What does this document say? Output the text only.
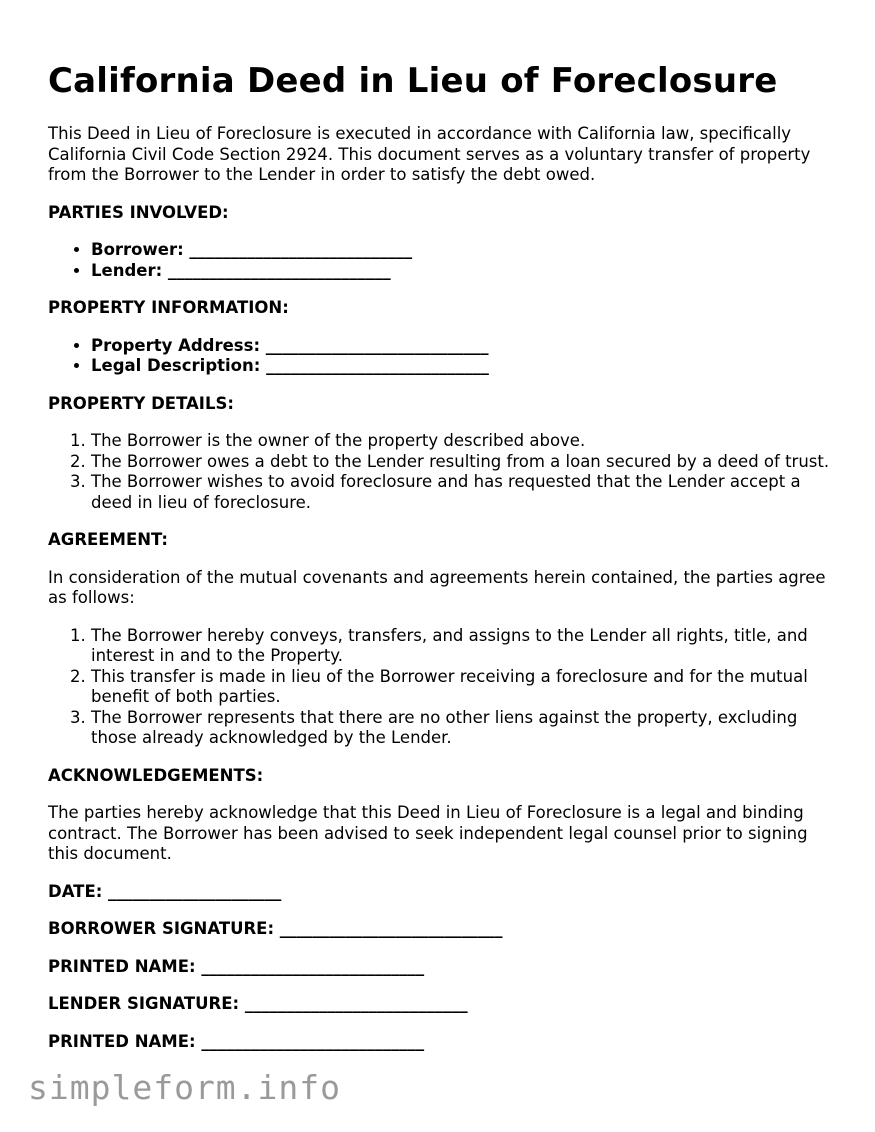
California Deed in Lieu of Foreclosure

This Deed in Lieu of Foreclosure is executed in accordance with California law, specifically California Civil Code Section 2924. This document serves as a voluntary transfer of property from the Borrower to the Lender in order to satisfy the debt owed.

PARTIES INVOLVED:
• Borrower: ___________________________
• Lender: ___________________________
PROPERTY INFORMATION:
• Property Address: ___________________________
• Legal Description: ___________________________
PROPERTY DETAILS:
1. The Borrower is the owner of the property described above.
2. The Borrower owes a debt to the Lender resulting from a loan secured by a deed of trust.
3. The Borrower wishes to avoid foreclosure and has requested that the Lender accept a deed in lieu of foreclosure.
AGREEMENT:

In consideration of the mutual covenants and agreements herein contained, the parties agree as follows:

1. The Borrower hereby conveys, transfers, and assigns to the Lender all rights, title, and interest in and to the Property.
2. This transfer is made in lieu of the Borrower receiving a foreclosure and for the mutual benefit of both parties.
3. The Borrower represents that there are no other liens against the property, excluding those already acknowledged by the Lender.
ACKNOWLEDGEMENTS:

The parties hereby acknowledge that this Deed in Lieu of Foreclosure is a legal and binding contract. The Borrower has been advised to seek independent legal counsel prior to signing this document.

DATE: _____________________
BORROWER SIGNATURE: ___________________________
PRINTED NAME: ___________________________
LENDER SIGNATURE: ___________________________
PRINTED NAME: ___________________________
simpleform.info
